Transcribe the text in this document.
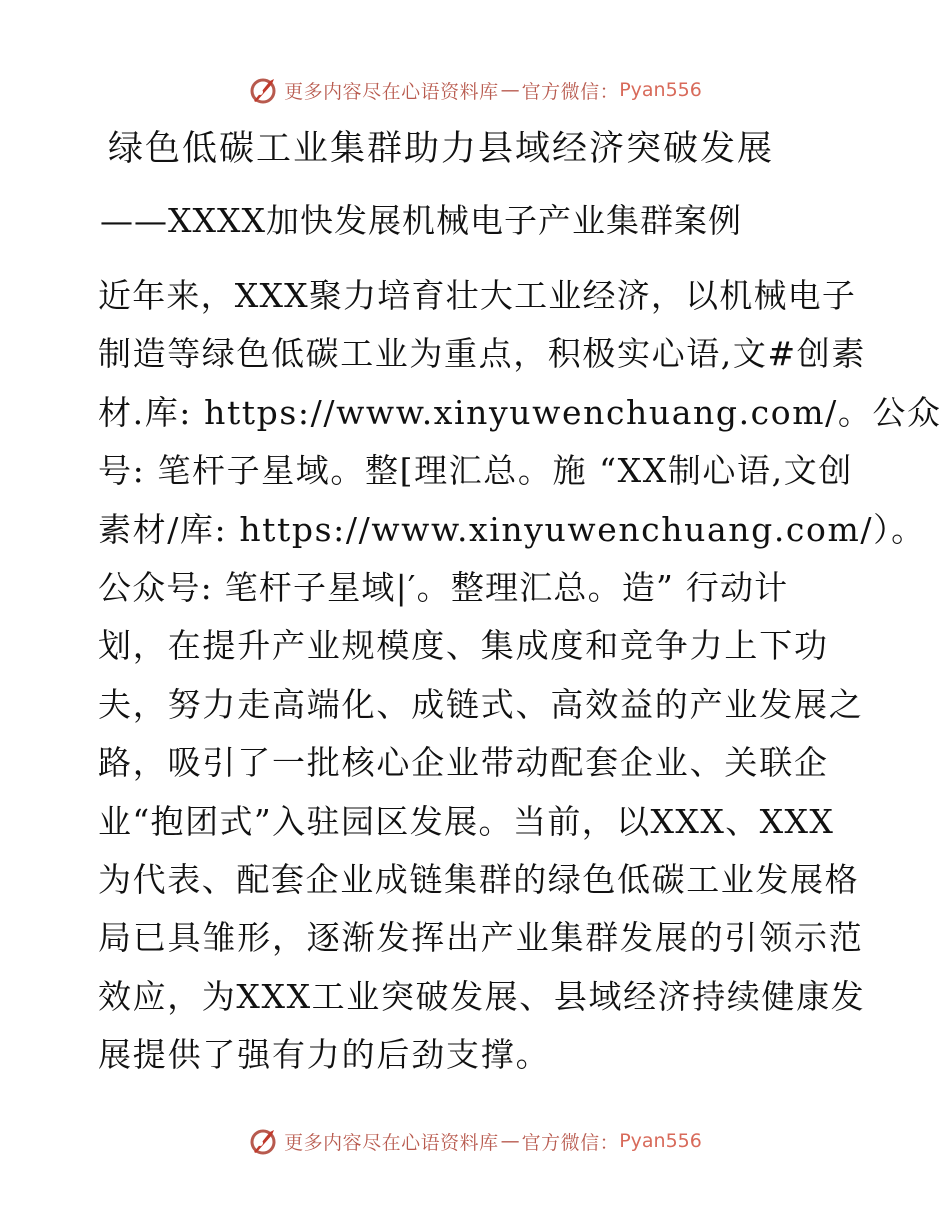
更多内容尽在心语资料库 — 官方微信： Pyan556
绿色低碳工业集群助力县域经济突破发展
——XXXX加快发展机械电子产业集群案例
近年来，XXX聚力培育壮大工业经济，以机械电子
制造等绿色低碳工业为重点，积极实心语,文#创素
材.库: https://www.xinyuwenchuang.com/。公众
号: 笔杆子星域。整[理汇总。施 “XX制心语,文创
素材/库: https://www.xinyuwenchuang.com/）。
公众号: 笔杆子星域|′。整理汇总。造” 行动计
划，在提升产业规模度、集成度和竞争力上下功
夫，努力走高端化、成链式、高效益的产业发展之
路，吸引了一批核心企业带动配套企业、关联企
业“抱团式”入驻园区发展。当前，以XXX、XXX
为代表、配套企业成链集群的绿色低碳工业发展格
局已具雏形，逐渐发挥出产业集群发展的引领示范
效应，为XXX工业突破发展、县域经济持续健康发
展提供了强有力的后劲支撑。
更多内容尽在心语资料库 — 官方微信： Pyan556
